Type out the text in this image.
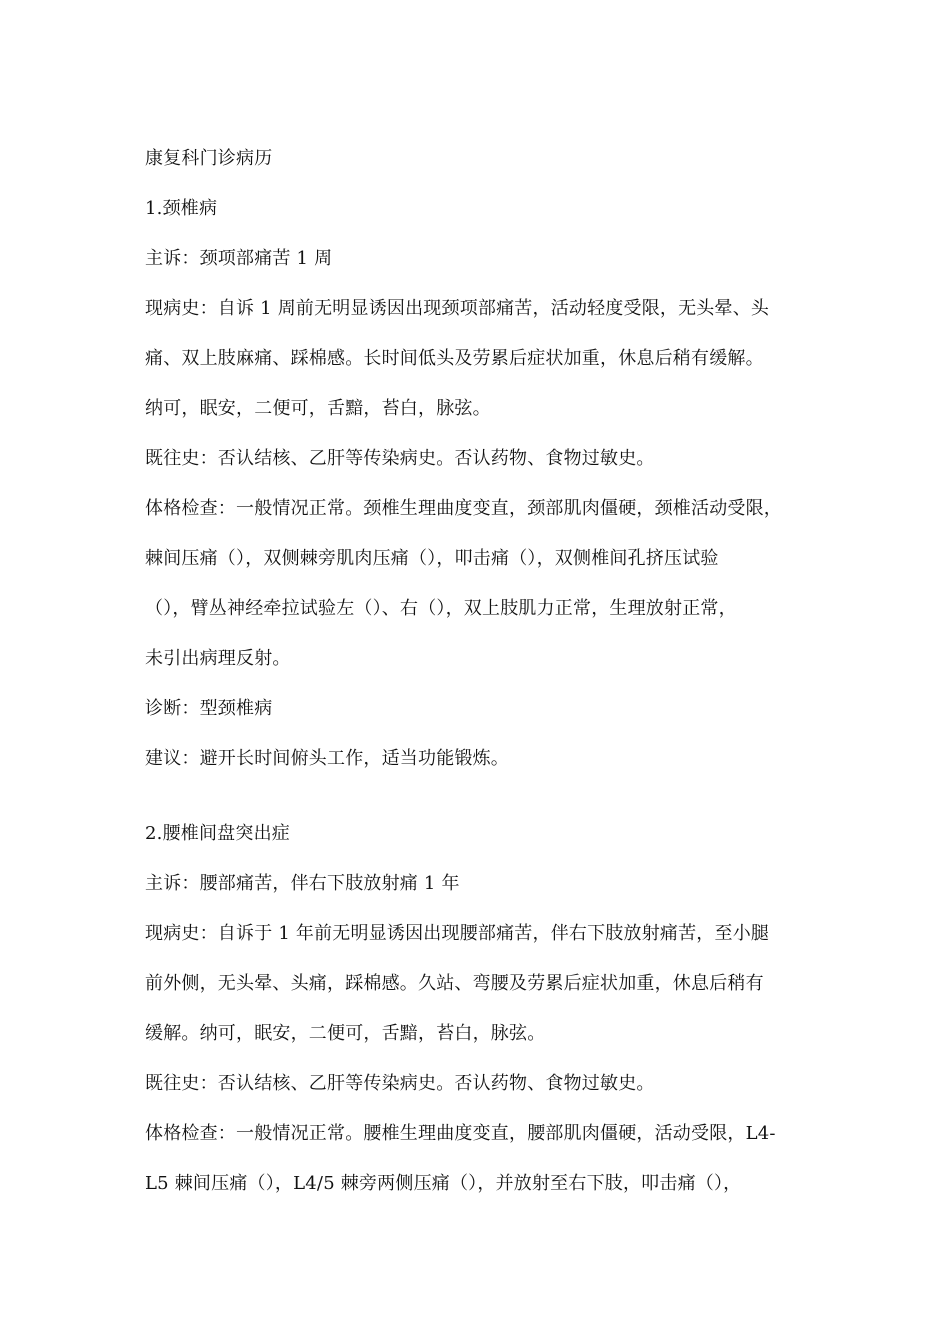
康复科门诊病历
1.颈椎病
主诉：颈项部痛苦 1 周
现病史：自诉 1 周前无明显诱因出现颈项部痛苦，活动轻度受限，无头晕、头
痛、双上肢麻痛、踩棉感。长时间低头及劳累后症状加重，休息后稍有缓解。
纳可，眠安，二便可，舌黯，苔白，脉弦。
既往史：否认结核、乙肝等传染病史。否认药物、食物过敏史。
体格检查：一般情况正常。颈椎生理曲度变直，颈部肌肉僵硬，颈椎活动受限，
棘间压痛（），双侧棘旁肌肉压痛（），叩击痛（），双侧椎间孔挤压试验
（），臂丛神经牵拉试验左（）、右（），双上肢肌力正常，生理放射正常，
未引出病理反射。
诊断：型颈椎病
建议：避开长时间俯头工作，适当功能锻炼。
2.腰椎间盘突出症
主诉：腰部痛苦，伴右下肢放射痛 1 年
现病史：自诉于 1 年前无明显诱因出现腰部痛苦，伴右下肢放射痛苦，至小腿
前外侧，无头晕、头痛，踩棉感。久站、弯腰及劳累后症状加重，休息后稍有
缓解。纳可，眠安，二便可，舌黯，苔白，脉弦。
既往史：否认结核、乙肝等传染病史。否认药物、食物过敏史。
体格检查：一般情况正常。腰椎生理曲度变直，腰部肌肉僵硬，活动受限，L4-
L5 棘间压痛（），L4/5 棘旁两侧压痛（），并放射至右下肢，叩击痛（），
